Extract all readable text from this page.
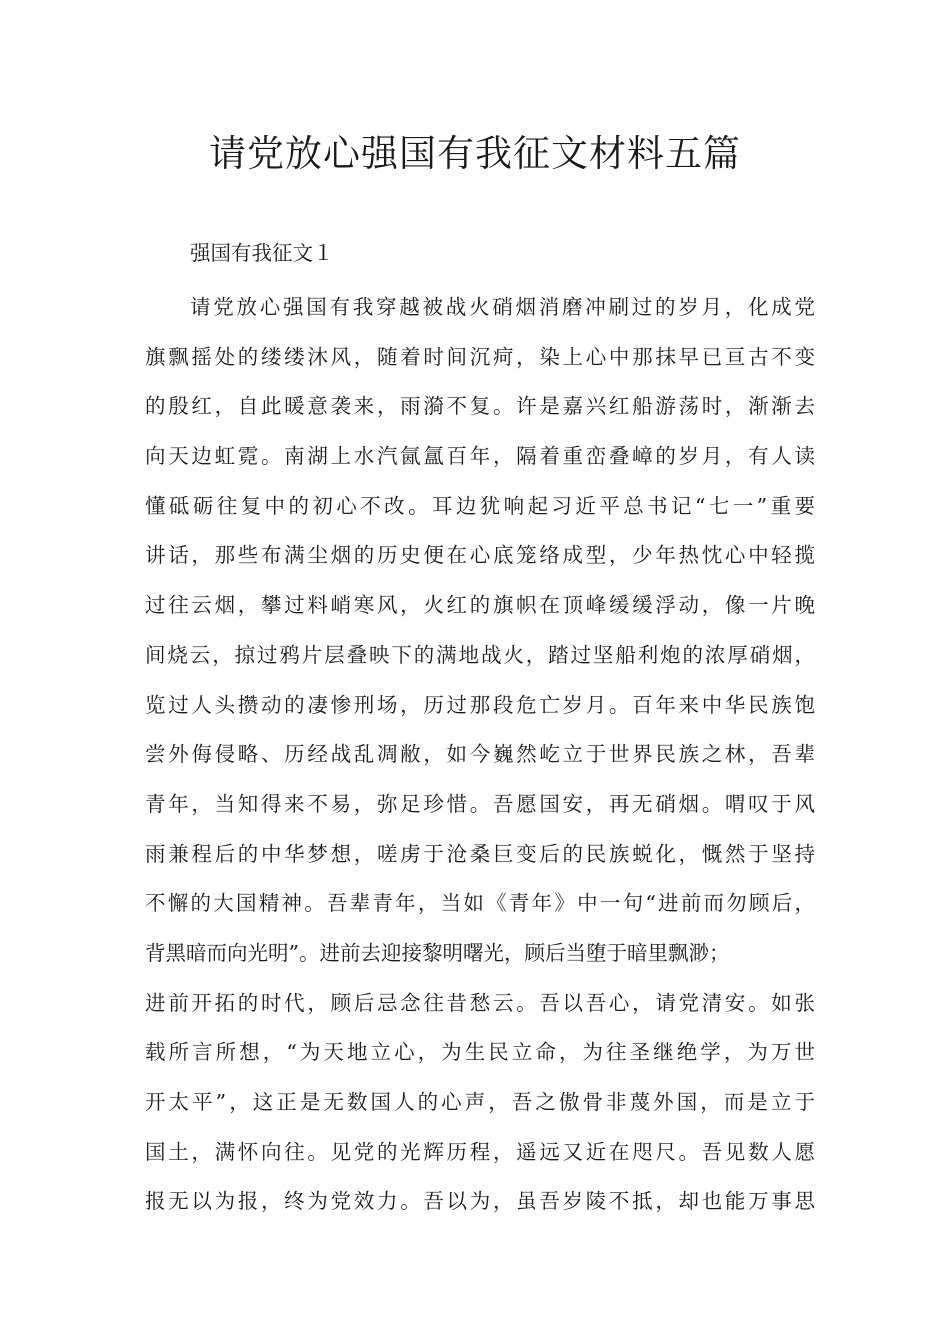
请党放心强国有我征文材料五篇
强国有我征文１
请党放心强国有我穿越被战火硝烟消磨冲刷过的岁月，化成党
旗飘摇处的缕缕沐风，随着时间沉疴，染上心中那抹早已亘古不变
的殷红，自此暖意袭来，雨漪不复。许是嘉兴红船游荡时，渐渐去
向天边虹霓。南湖上水汽氤氲百年，隔着重峦叠嶂的岁月，有人读
懂砥砺往复中的初心不改。耳边犹响起习近平总书记“七一”重要
讲话，那些布满尘烟的历史便在心底笼络成型，少年热忱心中轻揽
过往云烟，攀过料峭寒风，火红的旗帜在顶峰缓缓浮动，像一片晚
间烧云，掠过鸦片层叠映下的满地战火，踏过坚船利炮的浓厚硝烟，
览过人头攒动的凄惨刑场，历过那段危亡岁月。百年来中华民族饱
尝外侮侵略、历经战乱凋敝，如今巍然屹立于世界民族之林，吾辈
青年，当知得来不易，弥足珍惜。吾愿国安，再无硝烟。喟叹于风
雨兼程后的中华梦想，嗟虏于沧桑巨变后的民族蜕化，慨然于坚持
不懈的大国精神。吾辈青年，当如《青年》中一句“进前而勿顾后，
背黑暗而向光明”。进前去迎接黎明曙光，顾后当堕于暗里飘渺；
进前开拓的时代，顾后忌念往昔愁云。吾以吾心，请党清安。如张
载所言所想，“为天地立心，为生民立命，为往圣继绝学，为万世
开太平”，这正是无数国人的心声，吾之傲骨非蔑外国，而是立于
国土，满怀向往。见党的光辉历程，遥远又近在咫尺。吾见数人愿
报无以为报，终为党效力。吾以为，虽吾岁陵不抵，却也能万事思
